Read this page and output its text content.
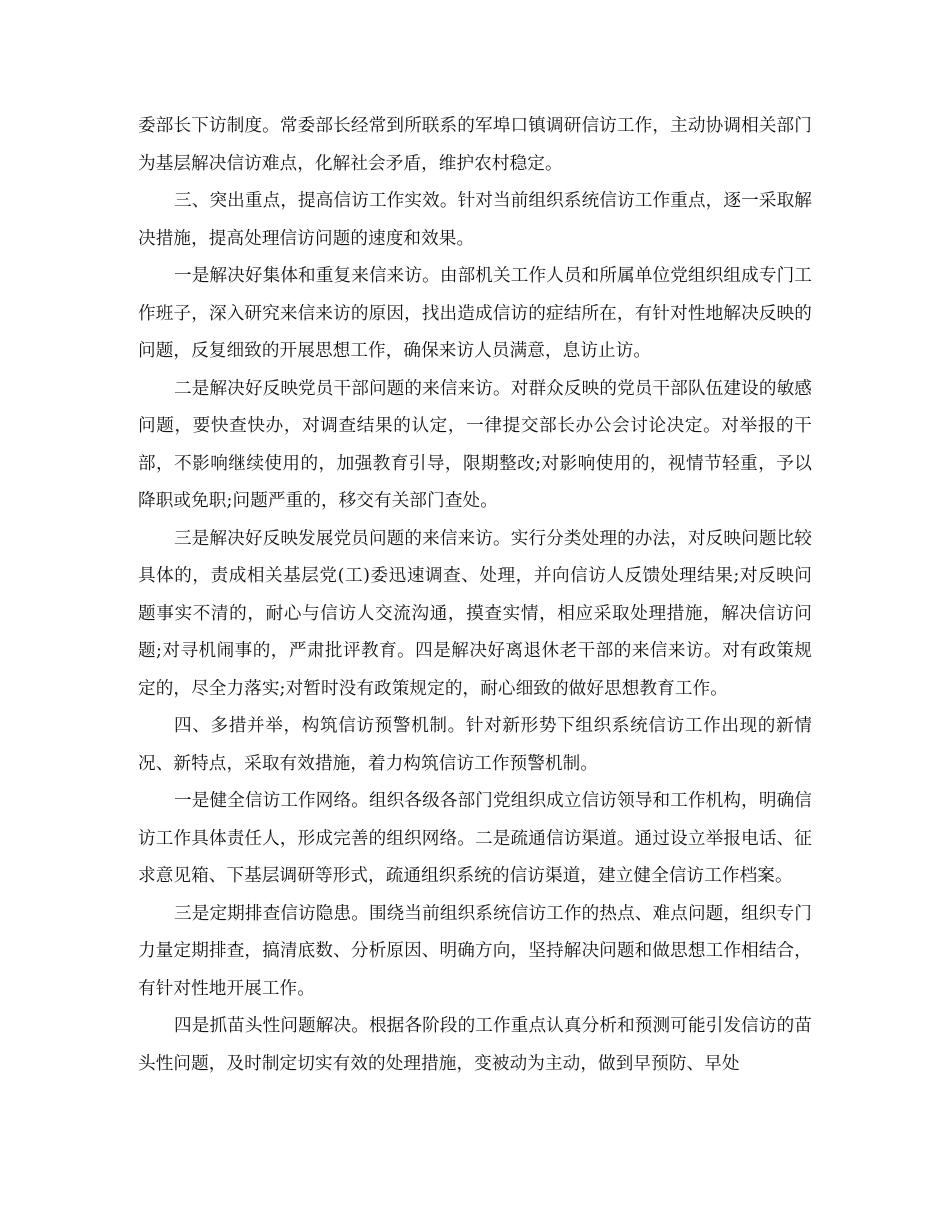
委部长下访制度。常委部长经常到所联系的军埠口镇调研信访工作，主动协调相关部门为基层解决信访难点，化解社会矛盾，维护农村稳定。

三、突出重点，提高信访工作实效。针对当前组织系统信访工作重点，逐一采取解决措施，提高处理信访问题的速度和效果。

一是解决好集体和重复来信来访。由部机关工作人员和所属单位党组织组成专门工作班子，深入研究来信来访的原因，找出造成信访的症结所在，有针对性地解决反映的问题，反复细致的开展思想工作，确保来访人员满意，息访止访。

二是解决好反映党员干部问题的来信来访。对群众反映的党员干部队伍建设的敏感问题，要快查快办，对调查结果的认定，一律提交部长办公会讨论决定。对举报的干部，不影响继续使用的，加强教育引导，限期整改;对影响使用的，视情节轻重，予以降职或免职;问题严重的，移交有关部门查处。

三是解决好反映发展党员问题的来信来访。实行分类处理的办法，对反映问题比较具体的，责成相关基层党(工)委迅速调查、处理，并向信访人反馈处理结果;对反映问题事实不清的，耐心与信访人交流沟通，摸查实情，相应采取处理措施，解决信访问题;对寻机闹事的，严肃批评教育。四是解决好离退休老干部的来信来访。对有政策规定的，尽全力落实;对暂时没有政策规定的，耐心细致的做好思想教育工作。

四、多措并举，构筑信访预警机制。针对新形势下组织系统信访工作出现的新情况、新特点，采取有效措施，着力构筑信访工作预警机制。

一是健全信访工作网络。组织各级各部门党组织成立信访领导和工作机构，明确信访工作具体责任人，形成完善的组织网络。二是疏通信访渠道。通过设立举报电话、征求意见箱、下基层调研等形式，疏通组织系统的信访渠道，建立健全信访工作档案。

三是定期排查信访隐患。围绕当前组织系统信访工作的热点、难点问题，组织专门力量定期排查，搞清底数、分析原因、明确方向，坚持解决问题和做思想工作相结合，有针对性地开展工作。

四是抓苗头性问题解决。根据各阶段的工作重点认真分析和预测可能引发信访的苗头性问题，及时制定切实有效的处理措施，变被动为主动，做到早预防、早处
